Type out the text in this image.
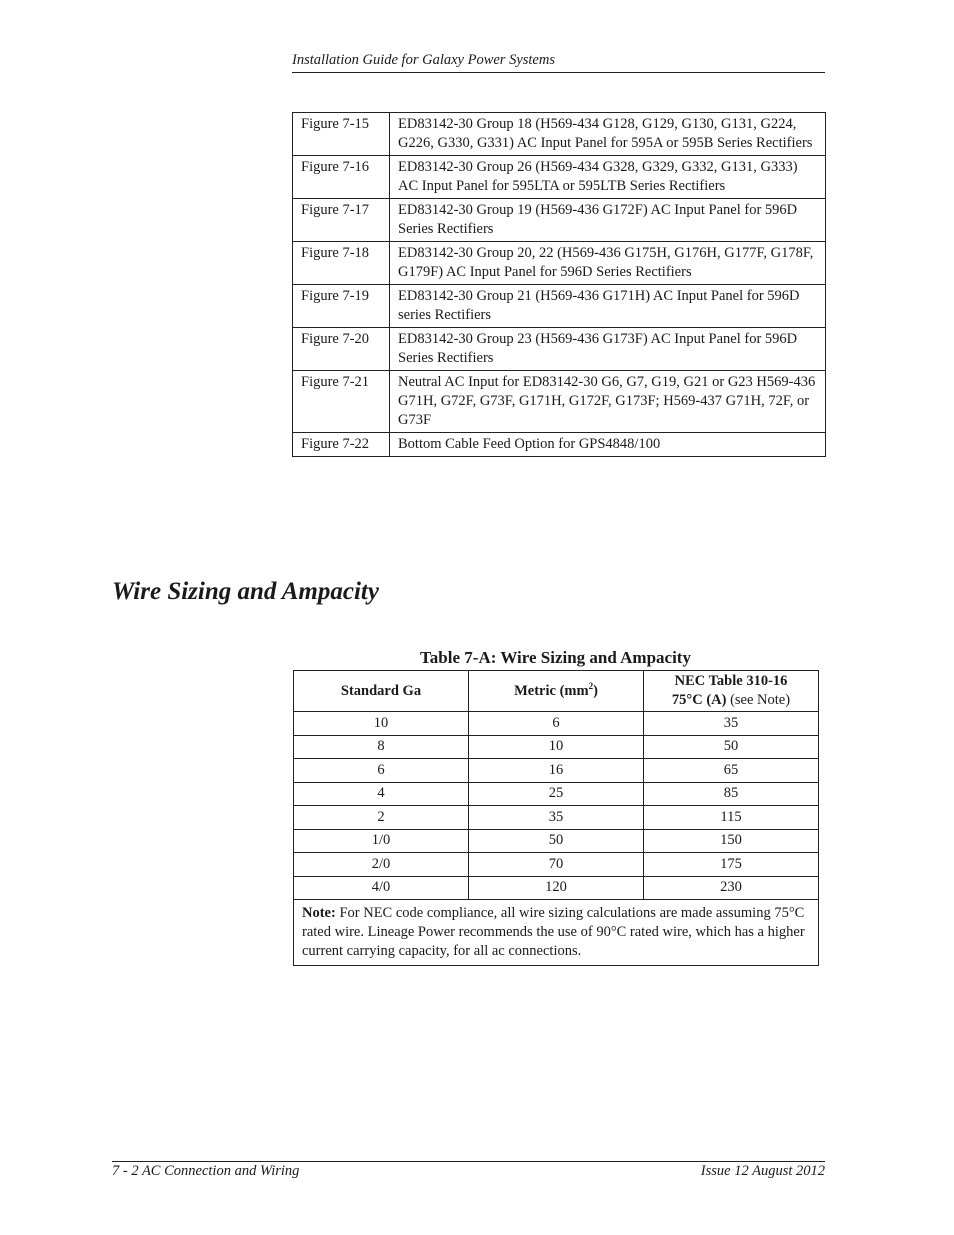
Installation Guide for Galaxy Power Systems
Figure 7-15	ED83142-30 Group 18 (H569-434 G128, G129, G130, G131, G224, G226, G330, G331) AC Input Panel for 595A or 595B Series Rectifiers
Figure 7-16	ED83142-30 Group 26 (H569-434 G328, G329, G332, G131, G333) AC Input Panel for 595LTA or 595LTB Series Rectifiers
Figure 7-17	ED83142-30 Group 19 (H569-436 G172F) AC Input Panel for 596D Series Rectifiers
Figure 7-18	ED83142-30 Group 20, 22 (H569-436 G175H, G176H, G177F, G178F, G179F) AC Input Panel for 596D Series Rectifiers
Figure 7-19	ED83142-30 Group 21 (H569-436 G171H) AC Input Panel for 596D series Rectifiers
Figure 7-20	ED83142-30 Group 23 (H569-436 G173F) AC Input Panel for 596D Series Rectifiers
Figure 7-21	Neutral AC Input for ED83142-30 G6, G7, G19, G21 or G23 H569-436 G71H, G72F, G73F, G171H, G172F, G173F; H569-437 G71H, 72F, or G73F
Figure 7-22	Bottom Cable Feed Option for GPS4848/100
Wire Sizing and Ampacity
Table 7-A: Wire Sizing and Ampacity
Standard Ga	Metric $(mm^2)$	NEC Table 310-16
75°C (A) (see Note)
10	6	35
8	10	50
6	16	65
4	25	85
2	35	115
1/0	50	150
2/0	70	175
4/0	120	230
Note: For NEC code compliance, all wire sizing calculations are made assuming 75°C rated wire. Lineage Power recommends the use of 90°C rated wire, which has a higher current carrying capacity, for all ac connections.		
7 - 2 AC Connection and Wiring	Issue 12 August 2012
